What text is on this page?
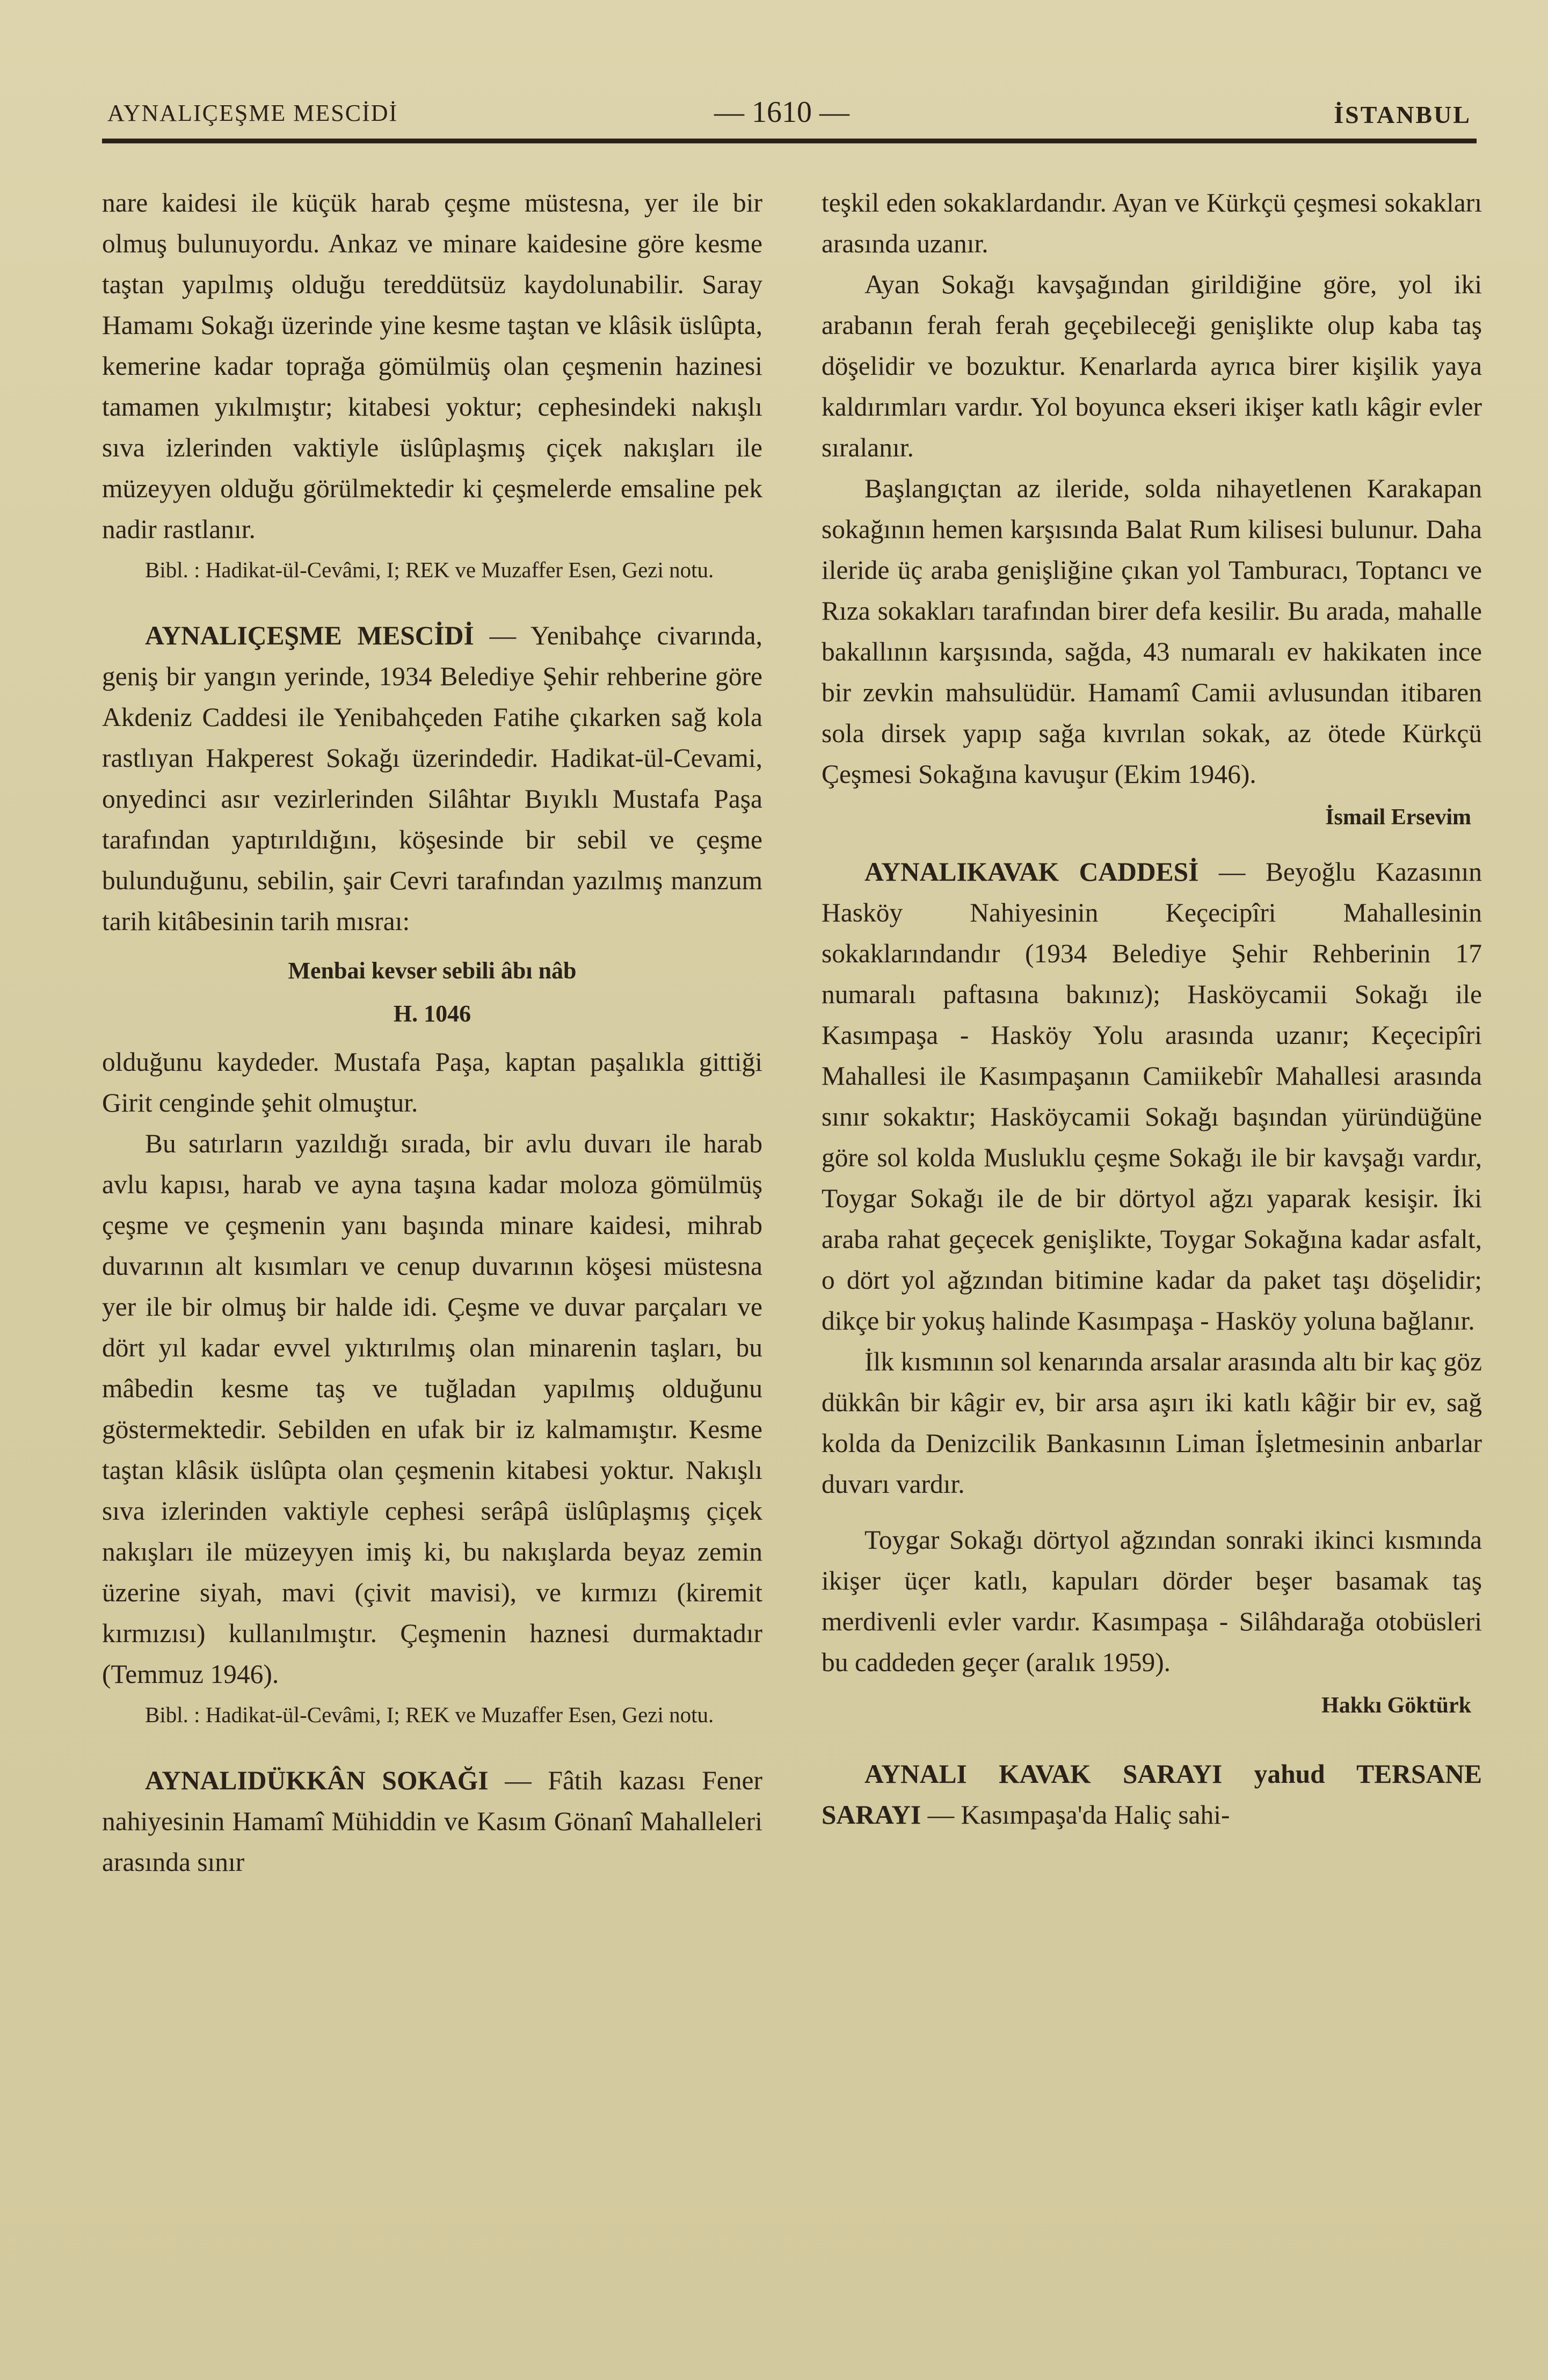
AYNALIÇEŞME MESCİDİ	— 1610 —	İSTANBUL

nare kaidesi ile küçük harab çeşme müstesna, yer ile bir olmuş bulunuyordu. Ankaz ve minare kaidesine göre kesme taştan yapılmış olduğu tereddütsüz kaydolunabilir. Saray Hamamı Sokağı üzerinde yine kesme taştan ve klâsik üslûpta, kemerine kadar toprağa gömülmüş olan çeşmenin hazinesi tamamen yıkılmıştır; kitabesi yoktur; cephesindeki nakışlı sıva izlerinden vaktiyle üslûplaşmış çiçek nakışları ile müzeyyen olduğu görülmektedir ki çeşmelerde emsaline pek nadir rastlanır.

Bibl. : Hadikat-ül-Cevâmi, I; REK ve Muzaffer Esen, Gezi notu.

AYNALIÇEŞME MESCİDİ — Yenibahçe civarında, geniş bir yangın yerinde, 1934 Belediye Şehir rehberine göre Akdeniz Caddesi ile Yenibahçeden Fatihe çıkarken sağ kola rastlıyan Hakperest Sokağı üzerindedir. Hadikat-ül-Cevami, onyedinci asır vezirlerinden Silâhtar Bıyıklı Mustafa Paşa tarafından yaptırıldığını, köşesinde bir sebil ve çeşme bulunduğunu, sebilin, şair Cevri tarafından yazılmış manzum tarih kitâbesinin tarih mısraı:

Menbai kevser sebili âbı nâb
H. 1046

olduğunu kaydeder. Mustafa Paşa, kaptan paşalıkla gittiği Girit cenginde şehit olmuştur.

Bu satırların yazıldığı sırada, bir avlu duvarı ile harab avlu kapısı, harab ve ayna taşına kadar moloza gömülmüş çeşme ve çeşmenin yanı başında minare kaidesi, mihrab duvarının alt kısımları ve cenup duvarının köşesi müstesna yer ile bir olmuş bir halde idi. Çeşme ve duvar parçaları ve dört yıl kadar evvel yıktırılmış olan minarenin taşları, bu mâbedin kesme taş ve tuğladan yapılmış olduğunu göstermektedir. Sebilden en ufak bir iz kalmamıştır. Kesme taştan klâsik üslûpta olan çeşmenin kitabesi yoktur. Nakışlı sıva izlerinden vaktiyle cephesi serâpâ üslûplaşmış çiçek nakışları ile müzeyyen imiş ki, bu nakışlarda beyaz zemin üzerine siyah, mavi (çivit mavisi), ve kırmızı (kiremit kırmızısı) kullanılmıştır. Çeşmenin haznesi durmaktadır (Temmuz 1946).

Bibl. : Hadikat-ül-Cevâmi, I; REK ve Muzaffer Esen, Gezi notu.

AYNALIDÜKKÂN SOKAĞI — Fâtih kazası Fener nahiyesinin Hamamî Mühiddin ve Kasım Gönanî Mahalleleri arasında sınır

teşkil eden sokaklardandır. Ayan ve Kürkçü çeşmesi sokakları arasında uzanır.

Ayan Sokağı kavşağından girildiğine göre, yol iki arabanın ferah ferah geçebileceği genişlikte olup kaba taş döşelidir ve bozuktur. Kenarlarda ayrıca birer kişilik yaya kaldırımları vardır. Yol boyunca ekseri ikişer katlı kâgir evler sıralanır.

Başlangıçtan az ileride, solda nihayetlenen Karakapan sokağının hemen karşısında Balat Rum kilisesi bulunur. Daha ileride üç araba genişliğine çıkan yol Tamburacı, Toptancı ve Rıza sokakları tarafından birer defa kesilir. Bu arada, mahalle bakallının karşısında, sağda, 43 numaralı ev hakikaten ince bir zevkin mahsulüdür. Hamamî Camii avlusundan itibaren sola dirsek yapıp sağa kıvrılan sokak, az ötede Kürkçü Çeşmesi Sokağına kavuşur (Ekim 1946).

İsmail Ersevim

AYNALIKAVAK CADDESİ — Beyoğlu Kazasının Hasköy Nahiyesinin Keçecipîri Mahallesinin sokaklarındandır (1934 Belediye Şehir Rehberinin 17 numaralı paftasına bakınız); Hasköycamii Sokağı ile Kasımpaşa - Hasköy Yolu arasında uzanır; Keçecipîri Mahallesi ile Kasımpaşanın Camiikebîr Mahallesi arasında sınır sokaktır; Hasköycamii Sokağı başından yüründüğüne göre sol kolda Musluklu çeşme Sokağı ile bir kavşağı vardır, Toygar Sokağı ile de bir dörtyol ağzı yaparak kesişir. İki araba rahat geçecek genişlikte, Toygar Sokağına kadar asfalt, o dört yol ağzından bitimine kadar da paket taşı döşelidir; dikçe bir yokuş halinde Kasımpaşa - Hasköy yoluna bağlanır.

İlk kısmının sol kenarında arsalar arasında altı bir kaç göz dükkân bir kâgir ev, bir arsa aşırı iki katlı kâğir bir ev, sağ kolda da Denizcilik Bankasının Liman İşletmesinin anbarlar duvarı vardır.

Toygar Sokağı dörtyol ağzından sonraki ikinci kısmında ikişer üçer katlı, kapuları dörder beşer basamak taş merdivenli evler vardır. Kasımpaşa - Silâhdarağa otobüsleri bu caddeden geçer (aralık 1959).

Hakkı Göktürk

AYNALI KAVAK SARAYI yahud TERSANE SARAYI — Kasımpaşa'da Haliç sahi-
